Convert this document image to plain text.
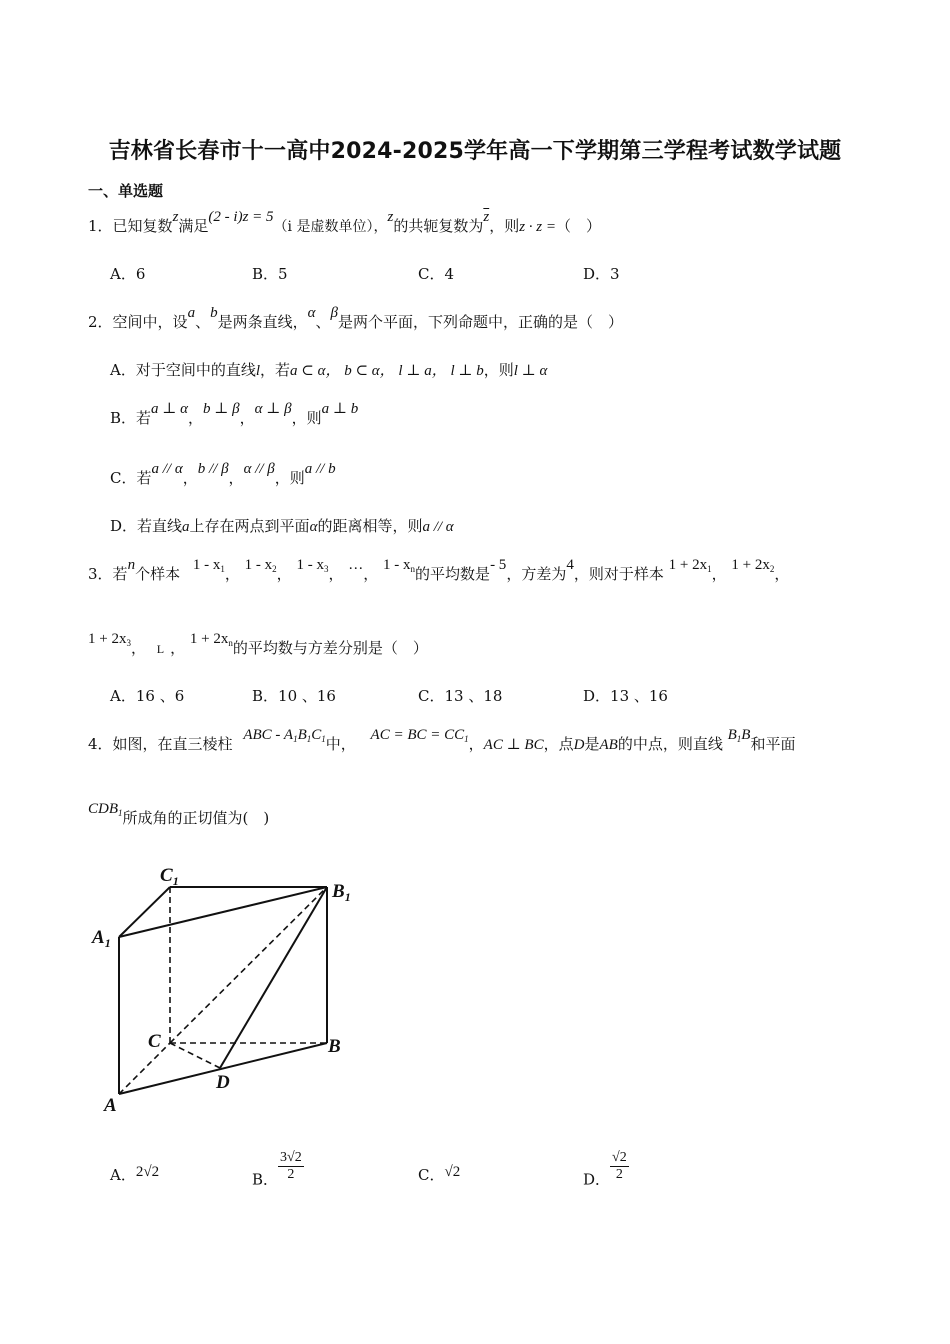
吉林省长春市十一高中2024-2025学年高一下学期第三学程考试数学试题
一、单选题
1．已知复数z满足(2 - i)z = 5（i 是虚数单位），z的共轭复数为$\overline{z}$，则z · z =（　）
A．6	B．5	C．4	D．3
2．空间中，设a、b是两条直线，α、β是两个平面，下列命题中，正确的是（　）
A．对于空间中的直线l，若a ⊂ α， b ⊂ α， l ⊥ a， l ⊥ b，则l ⊥ α
B．若a ⊥ α，b ⊥ β，α ⊥ β，则a ⊥ b
C．若a // α，b // β，α // β，则a // b
D．若直线a上存在两点到平面α的距离相等，则a // α
3．若n个样本 $1 - x_1$， $1 - x_2$， $1 - x_3$， …， $1 - x_n$的平均数是- 5，方差为4，则对于样本 $1 + 2x_1$， $1 + 2x_2$，
$1 + 2x_3$， L ， $1 + 2x_n$的平均数与方差分别是（　）
A．16 、6	B．10 、16	C．13 、18	D．13 、16
4．如图，在直三棱柱 ABC - $A_1B_1C_1$中， AC = BC = $CC_1$，AC ⊥ BC，点D是AB的中点，则直线 $B_1B$和平面
$CDB_1$所成角的正切值为(　)
$C_1$	$B_1$
$A_1$
C	B
D
A
A．2√2	B． $\frac{3√2}{2}$	C．√2	D． $\frac{√2}{2}$
